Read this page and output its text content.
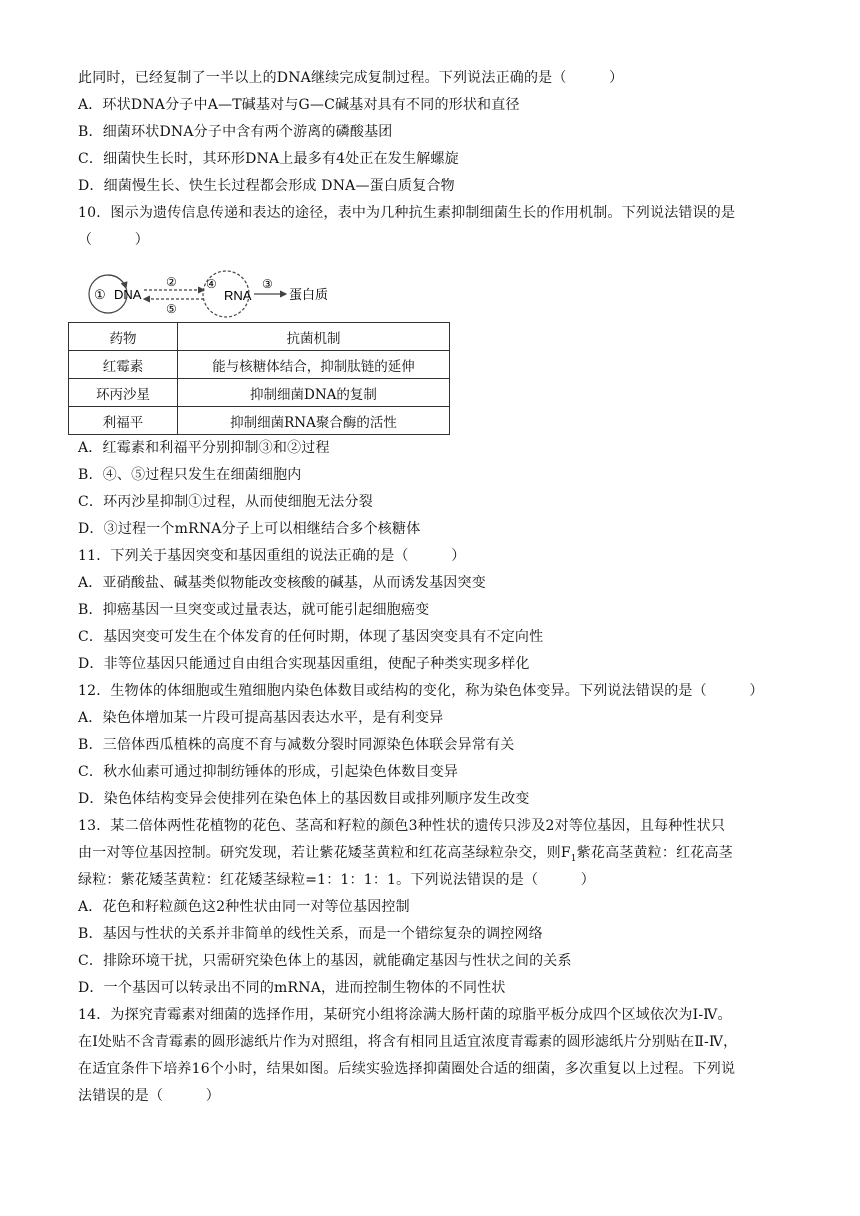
此同时，已经复制了一半以上的DNA继续完成复制过程。下列说法正确的是（　　　）
A．环状DNA分子中A—T碱基对与G—C碱基对具有不同的形状和直径
B．细菌环状DNA分子中含有两个游离的磷酸基团
C．细菌快生长时，其环形DNA上最多有4处正在发生解螺旋
D．细菌慢生长、快生长过程都会形成 DNA—蛋白质复合物
10．图示为遗传信息传递和表达的途径，表中为几种抗生素抑制细菌生长的作用机制。下列说法错误的是
（　　　）
① DNA
②
⑤
④
RNA
③
蛋白质
药物	抗菌机制
红霉素	能与核糖体结合，抑制肽链的延伸
环丙沙星	抑制细菌DNA的复制
利福平	抑制细菌RNA聚合酶的活性
A．红霉素和利福平分别抑制③和②过程
B．④、⑤过程只发生在细菌细胞内
C．环丙沙星抑制①过程，从而使细胞无法分裂
D．③过程一个mRNA分子上可以相继结合多个核糖体
11．下列关于基因突变和基因重组的说法正确的是（　　　）
A．亚硝酸盐、碱基类似物能改变核酸的碱基，从而诱发基因突变
B．抑癌基因一旦突变或过量表达，就可能引起细胞癌变
C．基因突变可发生在个体发育的任何时期，体现了基因突变具有不定向性
D．非等位基因只能通过自由组合实现基因重组，使配子种类实现多样化
12．生物体的体细胞或生殖细胞内染色体数目或结构的变化，称为染色体变异。下列说法错误的是（　　　）
A．染色体增加某一片段可提高基因表达水平，是有利变异
B．三倍体西瓜植株的高度不育与减数分裂时同源染色体联会异常有关
C．秋水仙素可通过抑制纺锤体的形成，引起染色体数目变异
D．染色体结构变异会使排列在染色体上的基因数目或排列顺序发生改变
13．某二倍体两性花植物的花色、茎高和籽粒的颜色3种性状的遗传只涉及2对等位基因，且每种性状只
由一对等位基因控制。研究发现，若让紫花矮茎黄粒和红花高茎绿粒杂交，则$F_1$紫花高茎黄粒：红花高茎
绿粒：紫花矮茎黄粒：红花矮茎绿粒=1：1：1：1。下列说法错误的是（　　　）
A．花色和籽粒颜色这2种性状由同一对等位基因控制
B．基因与性状的关系并非简单的线性关系，而是一个错综复杂的调控网络
C．排除环境干扰，只需研究染色体上的基因，就能确定基因与性状之间的关系
D．一个基因可以转录出不同的mRNA，进而控制生物体的不同性状
14．为探究青霉素对细菌的选择作用，某研究小组将涂满大肠杆菌的琼脂平板分成四个区域依次为Ⅰ-Ⅳ。
在Ⅰ处贴不含青霉素的圆形滤纸片作为对照组，将含有相同且适宜浓度青霉素的圆形滤纸片分别贴在Ⅱ-Ⅳ，
在适宜条件下培养16个小时，结果如图。后续实验选择抑菌圈处合适的细菌，多次重复以上过程。下列说
法错误的是（　　　）
